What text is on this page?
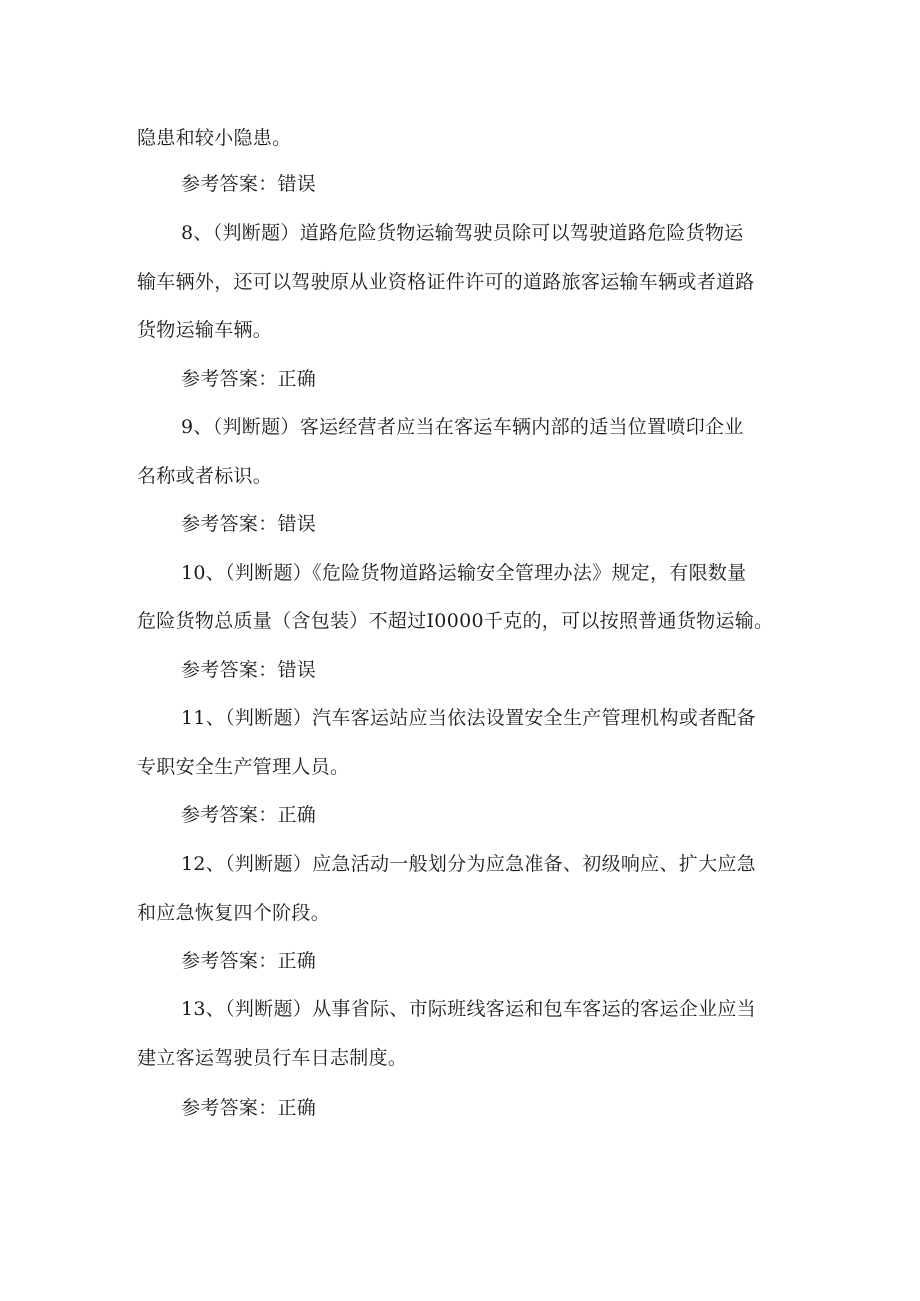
隐患和较小隐患。
参考答案：错误
8、（判断题）道路危险货物运输驾驶员除可以驾驶道路危险货物运
输车辆外，还可以驾驶原从业资格证件许可的道路旅客运输车辆或者道路
货物运输车辆。
参考答案：正确
9、（判断题）客运经营者应当在客运车辆内部的适当位置喷印企业
名称或者标识。
参考答案：错误
10、（判断题）《危险货物道路运输安全管理办法》规定，有限数量
危险货物总质量（含包装）不超过I0000千克的，可以按照普通货物运输。
参考答案：错误
11、（判断题）汽车客运站应当依法设置安全生产管理机构或者配备
专职安全生产管理人员。
参考答案：正确
12、（判断题）应急活动一般划分为应急准备、初级响应、扩大应急
和应急恢复四个阶段。
参考答案：正确
13、（判断题）从事省际、市际班线客运和包车客运的客运企业应当
建立客运驾驶员行车日志制度。
参考答案：正确
